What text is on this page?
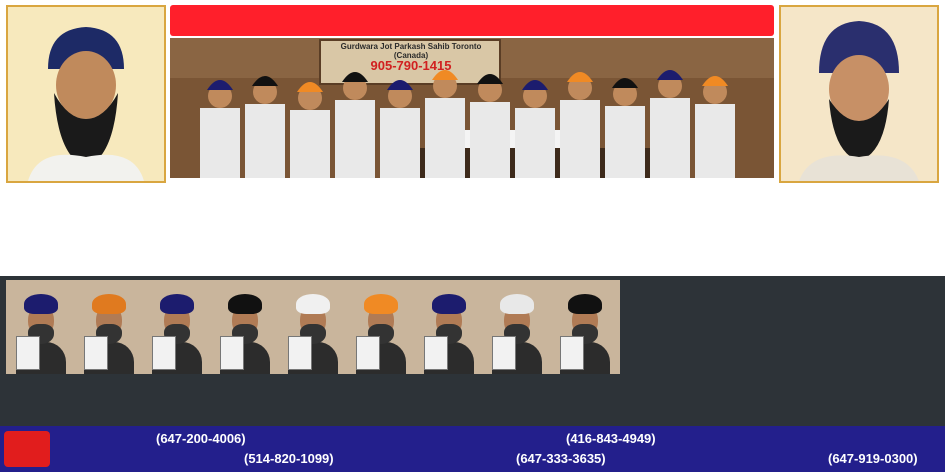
Gurdwara Jot Parkash Sahib Toronto (Canada)
905-790-1415
(647-200-4006)	(416-843-4949)
(514-820-1099)	(647-333-3635)	(647-919-0300)
